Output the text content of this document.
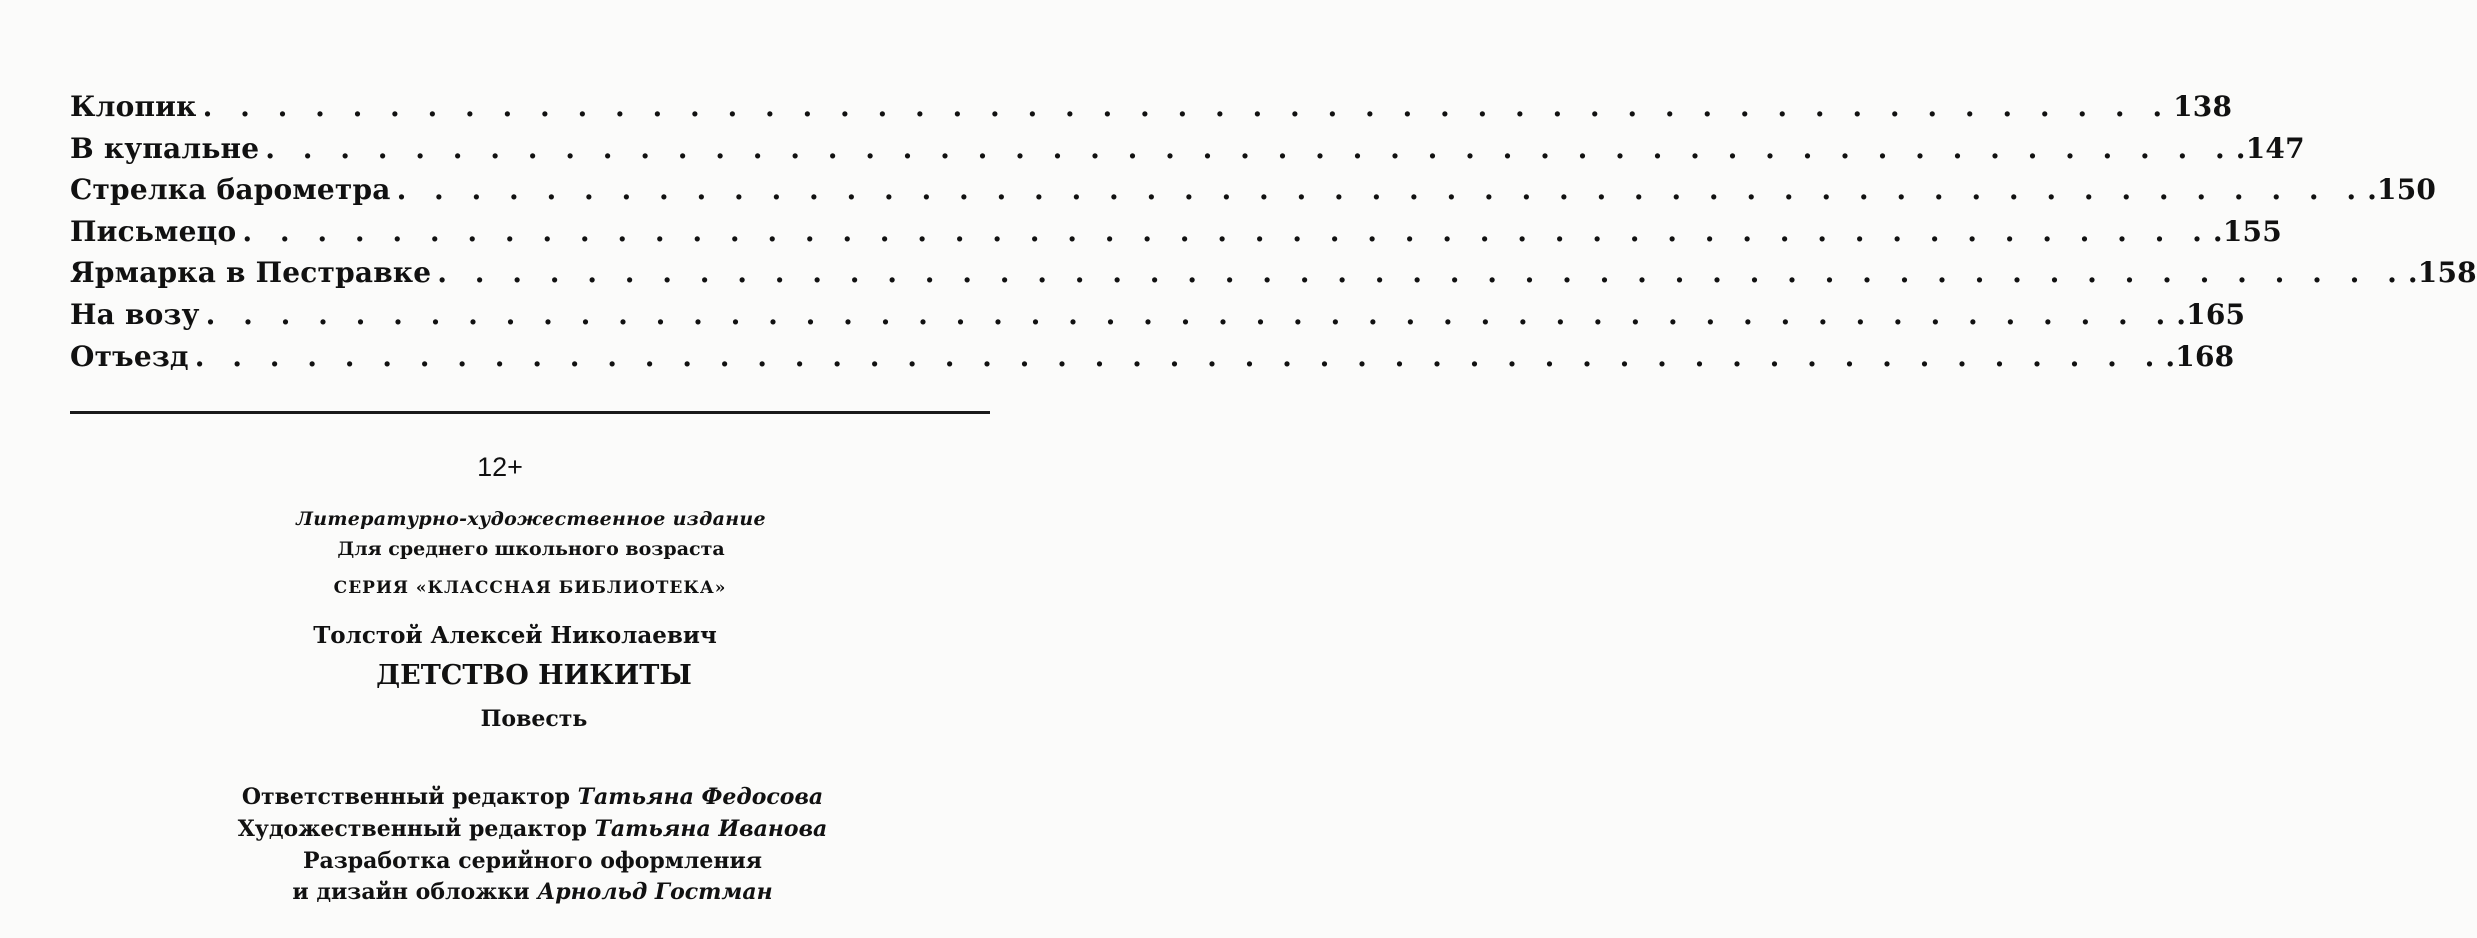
Клопик . . . . . . . . . . . . . . . . . . . . . . . . . . . . . . . . . . . . . . . . . . . . . . . . . . . . . 138
В купальне . . . . . . . . . . . . . . . . . . . . . . . . . . . . . . . . . . . . . . . . . . . . . . . . . . . . . .147
Стрелка барометра . . . . . . . . . . . . . . . . . . . . . . . . . . . . . . . . . . . . . . . . . . . . . . . . . . . . . .150
Письмецо . . . . . . . . . . . . . . . . . . . . . . . . . . . . . . . . . . . . . . . . . . . . . . . . . . . . . .155
Ярмарка в Пестравке . . . . . . . . . . . . . . . . . . . . . . . . . . . . . . . . . . . . . . . . . . . . . . . . . . . . . .158
На возу . . . . . . . . . . . . . . . . . . . . . . . . . . . . . . . . . . . . . . . . . . . . . . . . . . . . . .165
Отъезд . . . . . . . . . . . . . . . . . . . . . . . . . . . . . . . . . . . . . . . . . . . . . . . . . . . . . .168
12+
Литературно-художественное издание
Для среднего школьного возраста
СЕРИЯ «КЛАССНАЯ БИБЛИОТЕКА»
Толстой Алексей Николаевич
ДЕТСТВО НИКИТЫ
Повесть
Ответственный редактор Татьяна Федосова
Художественный редактор Татьяна Иванова
Разработка серийного оформления
и дизайн обложки Арнольд Гостман
